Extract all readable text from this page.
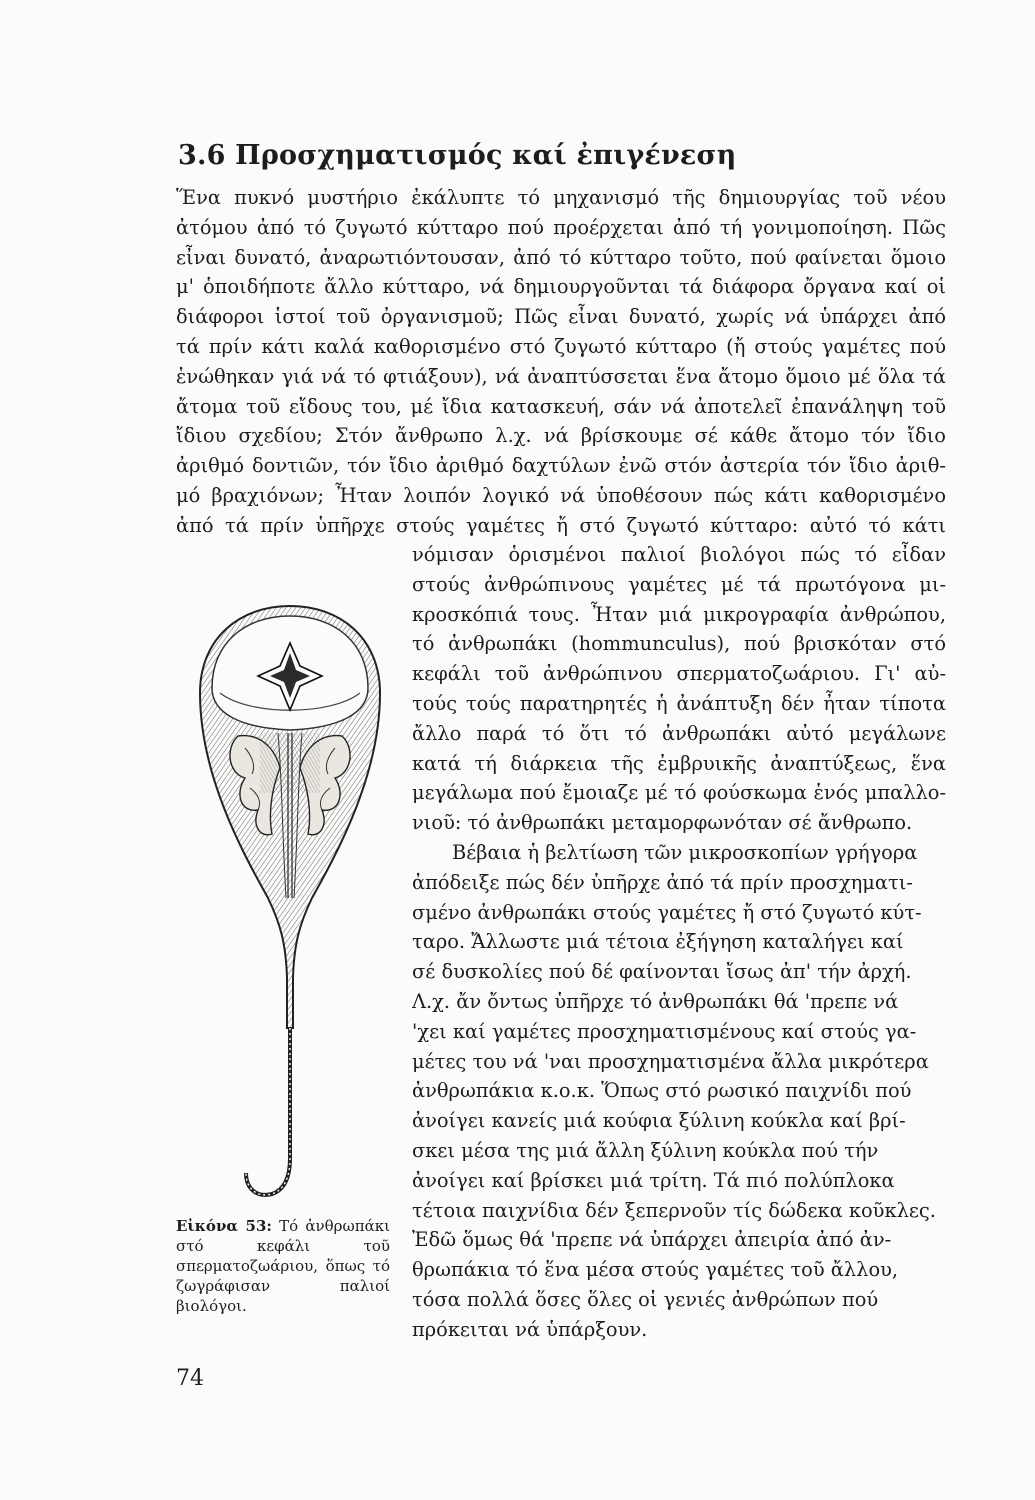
3.6 Προσχηματισμός καί ἐπιγένεση

Ἕνα πυκνό μυστήριο ἐκάλυπτε τό μηχανισμό τῆς δημιουργίας τοῦ νέου
ἀτόμου ἀπό τό ζυγωτό κύτταρο πού προέρχεται ἀπό τή γονιμοποίηση. Πῶς
εἶναι δυνατό, ἀναρωτιόντουσαν, ἀπό τό κύτταρο τοῦτο, πού φαίνεται ὅμοιο
μ' ὁποιδήποτε ἄλλο κύτταρο, νά δημιουργοῦνται τά διάφορα ὄργανα καί οἱ
διάφοροι ἱστοί τοῦ ὀργανισμοῦ; Πῶς εἶναι δυνατό, χωρίς νά ὑπάρχει ἀπό
τά πρίν κάτι καλά καθορισμένο στό ζυγωτό κύτταρο (ἤ στούς γαμέτες πού
ἑνώθηκαν γιά νά τό φτιάξουν), νά ἀναπτύσσεται ἕνα ἄτομο ὅμοιο μέ ὅλα τά
ἄτομα τοῦ εἴδους του, μέ ἴδια κατασκευή, σάν νά ἀποτελεῖ ἐπανάληψη τοῦ
ἴδιου σχεδίου; Στόν ἄνθρωπο λ.χ. νά βρίσκουμε σέ κάθε ἄτομο τόν ἴδιο
ἀριθμό δοντιῶν, τόν ἴδιο ἀριθμό δαχτύλων ἐνῶ στόν ἀστερία τόν ἴδιο ἀριθ-
μό βραχιόνων; Ἦταν λοιπόν λογικό νά ὑποθέσουν πώς κάτι καθορισμένο
ἀπό τά πρίν ὑπῆρχε στούς γαμέτες ἤ στό ζυγωτό κύτταρο: αὐτό τό κάτι

νόμισαν ὁρισμένοι παλιοί βιολόγοι πώς τό εἶδαν
στούς ἀνθρώπινους γαμέτες μέ τά πρωτόγονα μι-
κροσκόπιά τους. Ἦταν μιά μικρογραφία ἀνθρώπου,
τό ἀνθρωπάκι (hommunculus), πού βρισκόταν στό
κεφάλι τοῦ ἀνθρώπινου σπερματοζωάριου. Γι' αὐ-
τούς τούς παρατηρητές ἡ ἀνάπτυξη δέν ἦταν τίποτα
ἄλλο παρά τό ὅτι τό ἀνθρωπάκι αὐτό μεγάλωνε
κατά τή διάρκεια τῆς ἐμβρυικῆς ἀναπτύξεως, ἕνα
μεγάλωμα πού ἔμοιαζε μέ τό φούσκωμα ἑνός μπαλλο-
νιοῦ: τό ἀνθρωπάκι μεταμορφωνόταν σέ ἄνθρωπο.

Βέβαια ἡ βελτίωση τῶν μικροσκοπίων γρήγορα
ἀπόδειξε πώς δέν ὑπῆρχε ἀπό τά πρίν προσχηματι-
σμένο ἀνθρωπάκι στούς γαμέτες ἤ στό ζυγωτό κύτ-
ταρο. Ἄλλωστε μιά τέτοια ἐξήγηση καταλήγει καί
σέ δυσκολίες πού δέ φαίνονται ἴσως ἀπ' τήν ἀρχή.
Λ.χ. ἄν ὄντως ὑπῆρχε τό ἀνθρωπάκι θά 'πρεπε νά
'χει καί γαμέτες προσχηματισμένους καί στούς γα-
μέτες του νά 'ναι προσχηματισμένα ἄλλα μικρότερα
ἀνθρωπάκια κ.ο.κ. Ὅπως στό ρωσικό παιχνίδι πού
ἀνοίγει κανείς μιά κούφια ξύλινη κούκλα καί βρί-
σκει μέσα της μιά ἄλλη ξύλινη κούκλα πού τήν
ἀνοίγει καί βρίσκει μιά τρίτη. Τά πιό πολύπλοκα
τέτοια παιχνίδια δέν ξεπερνοῦν τίς δώδεκα κοῦκλες.
Ἐδῶ ὅμως θά 'πρεπε νά ὑπάρχει ἀπειρία ἀπό ἀν-
θρωπάκια τό ἕνα μέσα στούς γαμέτες τοῦ ἄλλου,
τόσα πολλά ὅσες ὅλες οἱ γενιές ἀνθρώπων πού
πρόκειται νά ὑπάρξουν.

Εἰκόνα 53: Τό ἀνθρωπάκι στό κεφάλι τοῦ σπερματοζωάριου, ὅπως τό ζωγράφισαν παλιοί βιολόγοι.

74
